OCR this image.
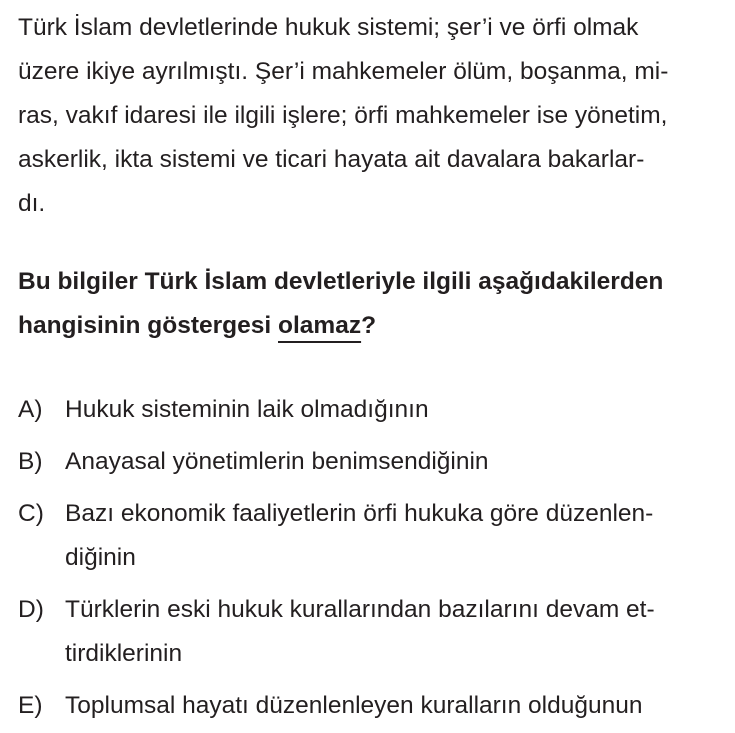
Türk İslam devletlerinde hukuk sistemi; şer’i ve örfi olmak
üzere ikiye ayrılmıştı. Şer’i mahkemeler ölüm, boşanma, mi-
ras, vakıf idaresi ile ilgili işlere; örfi mahkemeler ise yönetim,
askerlik, ikta sistemi ve ticari hayata ait davalara bakarlar-
dı.
Bu bilgiler Türk İslam devletleriyle ilgili aşağıdakilerden
hangisinin göstergesi olamaz?
A) Hukuk sisteminin laik olmadığının
B) Anayasal yönetimlerin benimsendiğinin
C) Bazı ekonomik faaliyetlerin örfi hukuka göre düzenlen-
diğinin
D) Türklerin eski hukuk kurallarından bazılarını devam et-
tirdiklerinin
E) Toplumsal hayatı düzenlenleyen kuralların olduğunun
